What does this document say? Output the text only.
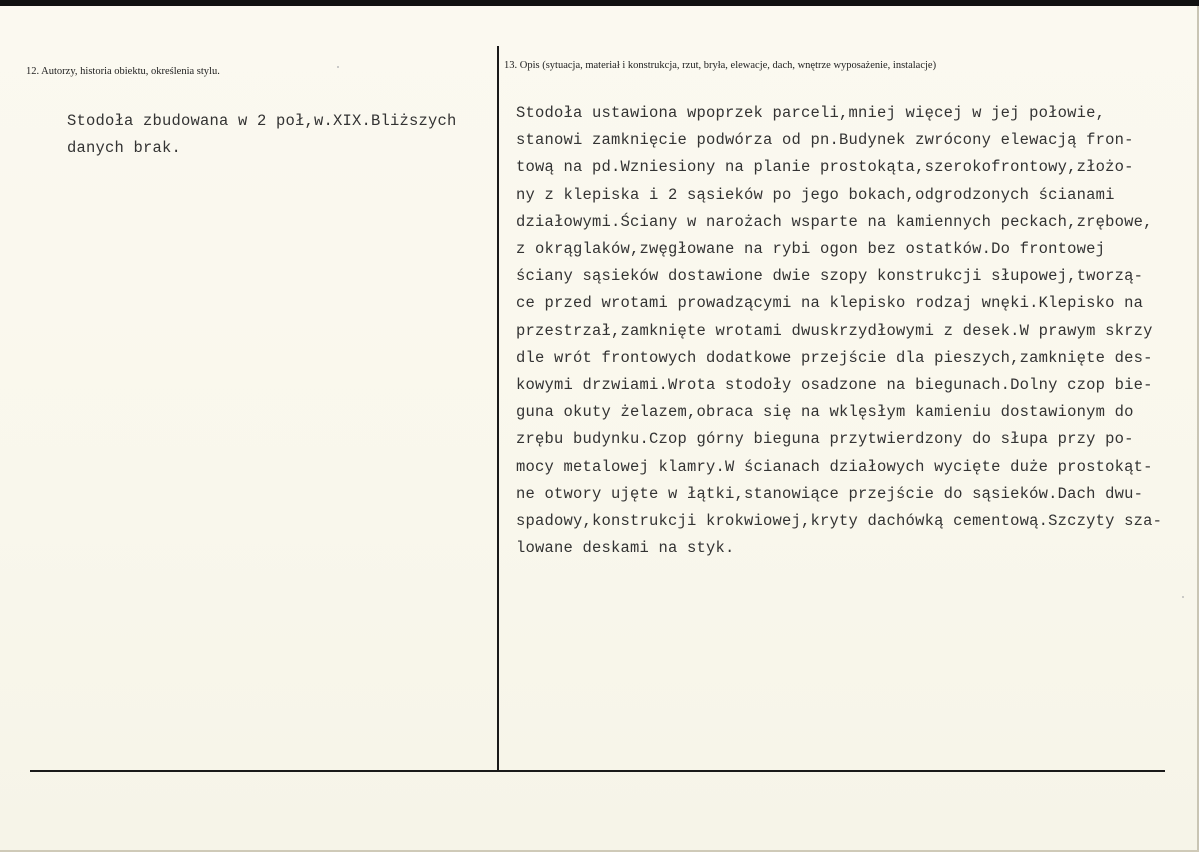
12. Autorzy, historia obiektu, określenia stylu.
13. Opis (sytuacja, materiał i konstrukcja, rzut, bryła, elewacje, dach, wnętrze wyposażenie, instalacje)
Stodoła zbudowana w 2 poł,w.XIX.Bliższych
danych brak.
Stodoła ustawiona wpoprzek parceli,mniej więcej w jej połowie,
stanowi zamknięcie podwórza od pn.Budynek zwrócony elewacją fron-
tową na pd.Wzniesiony na planie prostokąta,szerokofrontowy,złożo-
ny z klepiska i 2 sąsieków po jego bokach,odgrodzonych ścianami
działowymi.Ściany w narożach wsparte na kamiennych peckach,zrębowe,
z okrąglaków,zwęgłowane na rybi ogon bez ostatków.Do frontowej
ściany sąsieków dostawione dwie szopy konstrukcji słupowej,tworzą-
ce przed wrotami prowadzącymi na klepisko rodzaj wnęki.Klepisko na
przestrzał,zamknięte wrotami dwuskrzydłowymi z desek.W prawym skrzy
dle wrót frontowych dodatkowe przejście dla pieszych,zamknięte des-
kowymi drzwiami.Wrota stodoły osadzone na biegunach.Dolny czop bie-
guna okuty żelazem,obraca się na wklęsłym kamieniu dostawionym do
zrębu budynku.Czop górny bieguna przytwierdzony do słupa przy po-
mocy metalowej klamry.W ścianach działowych wycięte duże prostokąt-
ne otwory ujęte w łątki,stanowiące przejście do sąsieków.Dach dwu-
spadowy,konstrukcji krokwiowej,kryty dachówką cementową.Szczyty sza-
lowane deskami na styk.
